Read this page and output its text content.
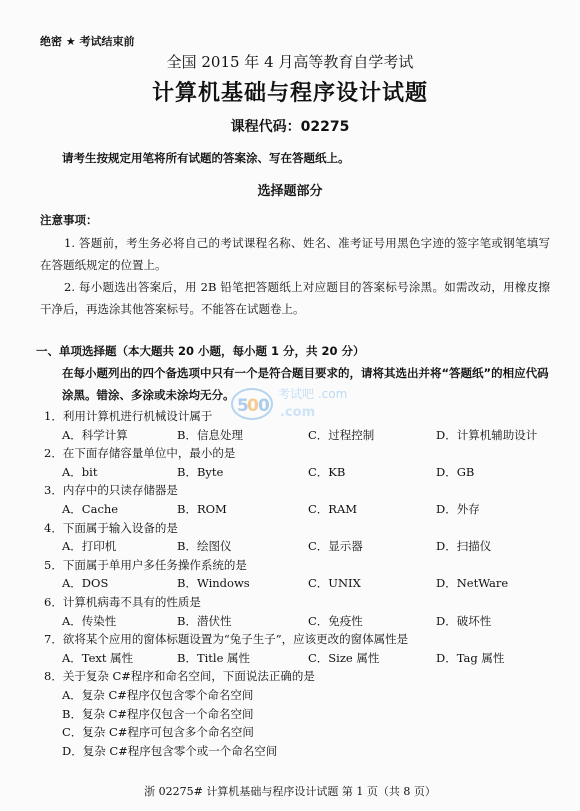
绝密 ★ 考试结束前
全国 2015 年 4 月高等教育自学考试
计算机基础与程序设计试题
课程代码：02275
请考生按规定用笔将所有试题的答案涂、写在答题纸上。
选择题部分
注意事项：
1. 答题前，考生务必将自己的考试课程名称、姓名、准考证号用黑色字迹的签字笔或钢笔填写在答题纸规定的位置上。
2. 每小题选出答案后，用 2B 铅笔把答题纸上对应题目的答案标号涂黑。如需改动，用橡皮擦干净后，再选涂其他答案标号。不能答在试题卷上。
一、单项选择题（本大题共 20 小题，每小题 1 分，共 20 分）
在每小题列出的四个备选项中只有一个是符合题目要求的，请将其选出并将“答题纸”的相应代码涂黑。错涂、多涂或未涂均无分。
5
0 0
考试吧 .com
.com
1．利用计算机进行机械设计属于
A．科学计算	B．信息处理	C．过程控制	D．计算机辅助设计
2．在下面存储容量单位中，最小的是
A．bit	B．Byte	C．KB	D．GB
3．内存中的只读存储器是
A．Cache	B．ROM	C．RAM	D．外存
4．下面属于输入设备的是
A．打印机	B．绘图仪	C．显示器	D．扫描仪
5．下面属于单用户多任务操作系统的是
A．DOS	B．Windows	C．UNIX	D．NetWare
6．计算机病毒不具有的性质是
A．传染性	B．潜伏性	C．免疫性	D．破坏性
7．欲将某个应用的窗体标题设置为“兔子生子”，应该更改的窗体属性是
A．Text 属性	B．Title 属性	C．Size 属性	D．Tag 属性
8．关于复杂 C#程序和命名空间，下面说法正确的是
A．复杂 C#程序仅包含零个命名空间
B．复杂 C#程序仅包含一个命名空间
C．复杂 C#程序可包含多个命名空间
D．复杂 C#程序包含零个或一个命名空间
浙 02275# 计算机基础与程序设计试题 第 1 页（共 8 页）
